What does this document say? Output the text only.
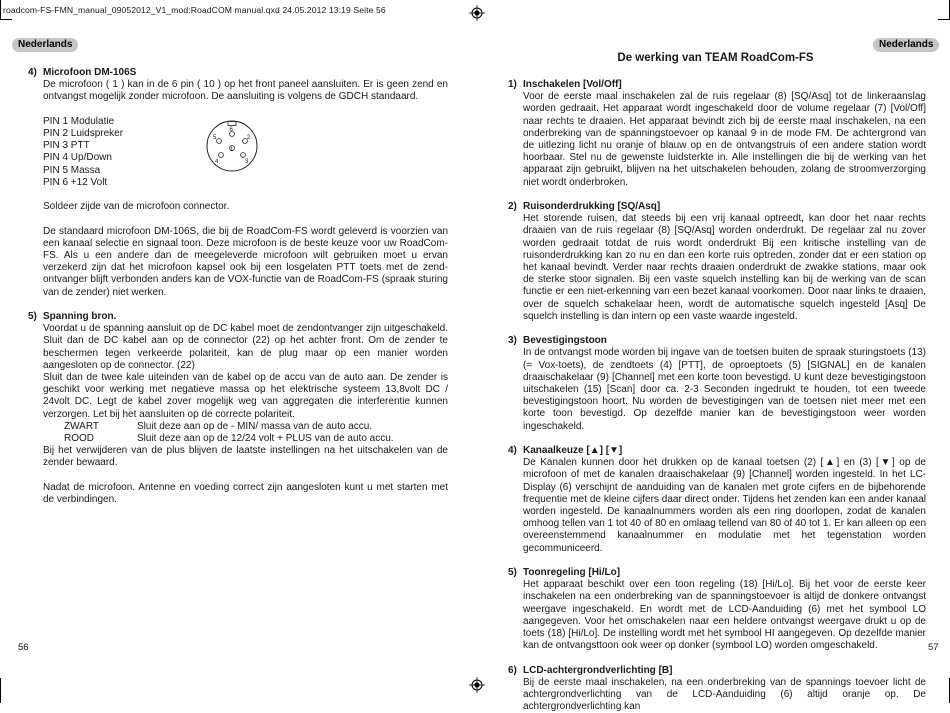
roadcom-FS-FMN_manual_09052012_V1_mod:RoadCOM manual.qxd 24.05.2012 13:19 Seite 56
Nederlands	Nederlands
4) Microfoon DM-106S

De microfoon ( 1 ) kan in de 6 pin ( 10 ) op het front paneel aansluiten. Er is geen zend en ontvangst mogelijk zonder microfoon. De aansluiting is volgens de GDCH standaard.

PIN 1 Modulatie
PIN 2 Luidspreker
PIN 3 PTT
PIN 4 Up/Down
PIN 5 Massa
PIN 6 +12 Volt
1
6
5	2
4	3

Soldeer zijde van de microfoon connector.

De standaard microfoon DM-106S, die bij de RoadCom-FS wordt geleverd is voorzien van een kanaal selectie en signaal toon. Deze microfoon is de beste keuze voor uw RoadCom-FS. Als u een andere dan de meegeleverde microfoon wilt gebruiken moet u ervan verzekerd zijn dat het microfoon kapsel ook bij een losgelaten PTT toets met de zend-ontvanger blijft verbonden anders kan de VOX-functie van de RoadCom-FS (spraak sturing van de zender) niet werken.

5) Spanning bron.

Voordat u de spanning aansluit op de DC kabel moet de zendontvanger zijn uitgeschakeld. Sluit dan de DC kabel aan op de connector (22) op het achter front. Om de zender te beschermen tegen verkeerde polariteit, kan de plug maar op een manier worden aangesloten op de connector. (22)

Sluit dan de twee kale uiteinden van de kabel op de accu van de auto aan. De zender is geschikt voor werking met negatieve massa op het elektrische systeem 13,8volt DC / 24volt DC. Legt de kabel zover mogelijk weg van aggregaten die interferentie kunnen verzorgen. Let bij het aansluiten op de correcte polariteit.

ZWART	Sluit deze aan op de - MIN/ massa van de auto accu.
ROOD	Sluit deze aan op de 12/24 volt + PLUS van de auto accu.

Bij het verwijderen van de plus blijven de laatste instellingen na het uitschakelen van de zender bewaard.

Nadat de microfoon. Antenne en voeding correct zijn aangesloten kunt u met starten met de verbindingen.

56
De werking van TEAM RoadCom-FS
1) Inschakelen [Vol/Off]

Voor de eerste maal inschakelen zal de ruis regelaar (8) [SQ/Asq] tot de linkeraanslag worden gedraait. Het apparaat wordt ingeschakeld door de volume regelaar (7) [Vol/Off] naar rechts te draaien. Het apparaat bevindt zich bij de eerste maal inschakelen, na een onderbreking van de spanningstoevoer op kanaal 9 in de mode FM. De achtergrond van de uitlezing licht nu oranje of blauw op en de ontvangstruis of een andere station wordt hoorbaar. Stel nu de gewenste luidsterkte in. Alle instellingen die bij de werking van het apparaat zijn gebruikt, blijven na het uitschakelen behouden, zolang de stroomverzorging niet wordt onderbroken.

2) Ruisonderdrukking [SQ/Asq]

Het storende ruisen, dat steeds bij een vrij kanaal optreedt, kan door het naar rechts draaien van de ruis regelaar (8) [SQ/Asq] worden onderdrukt. De regelaar zal nu zover worden gedraait totdat de ruis wordt onderdrukt Bij een kritische instelling van de ruisonderdrukking kan zo nu en dan een korte ruis optreden, zonder dat er een station op het kanaal bevindt. Verder naar rechts draaien onderdrukt de zwakke stations, maar ook de sterke stoor signalen. Bij een vaste squelch instelling kan bij de werking van de scan functie er een niet-erkenning van een bezet kanaal voorkomen. Door naar links te draaien, over de squelch schakelaar heen, wordt de automatische squelch ingesteld [Asq] De squelch instelling is dan intern op een vaste waarde ingesteld.

3) Bevestigingstoon

In de ontvangst mode worden bij ingave van de toetsen buiten de spraak sturingstoets (13) (= Vox-toets), de zendtoets (4) [PTT], de oproeptoets (5) [SIGNAL] en de kanalen draaischakelaar (9) [Channel] met een korte toon bevestigd. U kunt deze bevestigingstoon uitschakelen (15) [Scan] door ca. 2-3 Seconden ingedrukt te houden, tot een tweede bevestigingstoon hoort. Nu worden de bevestigingen van de toetsen niet meer met een korte toon bevestigd. Op dezelfde manier kan de bevestigingstoon weer worden ingeschakeld.

4) Kanaalkeuze [▲] [▼]

De Kanalen kunnen door het drukken op de kanaal toetsen (2) [▲] en (3) [▼] op de microfoon of met de kanalen draaischakelaar (9) [Channel] worden ingesteld. In het LC-Display (6) verschijnt de aanduiding van de kanalen met grote cijfers en de bijbehorende frequentie met de kleine cijfers daar direct onder. Tijdens het zenden kan een ander kanaal worden ingesteld. De kanaalnummers worden als een ring doorlopen, zodat de kanalen omhoog tellen van 1 tot 40 of 80 en omlaag tellend van 80 of 40 tot 1. Er kan alleen op een overeenstemmend kanaalnummer en modulatie met het tegenstation worden gecommuniceerd.

5) Toonregeling [Hi/Lo]

Het apparaat beschikt over een toon regeling (18) [Hi/Lo]. Bij het voor de eerste keer inschakelen na een onderbreking van de spanningstoevoer is altijd de donkere ontvangst weergave ingeschakeld. En wordt met de LCD-Aanduiding (6) met het symbool LO aangegeven. Voor het omschakelen naar een heldere ontvangst weergave drukt u op de toets (18) [Hi/Lo]. De instelling wordt met het symbool HI aangegeven. Op dezelfde manier kan de ontvangsttoon ook weer op donker (symbool LO) worden omgeschakeld.

6) LCD-achtergrondverlichting [B]

Bij de eerste maal inschakelen, na een onderbreking van de spannings toevoer licht de achtergrondverlichting van de LCD-Aanduiding (6) altijd oranje op. De achtergrondverlichting kan

57
